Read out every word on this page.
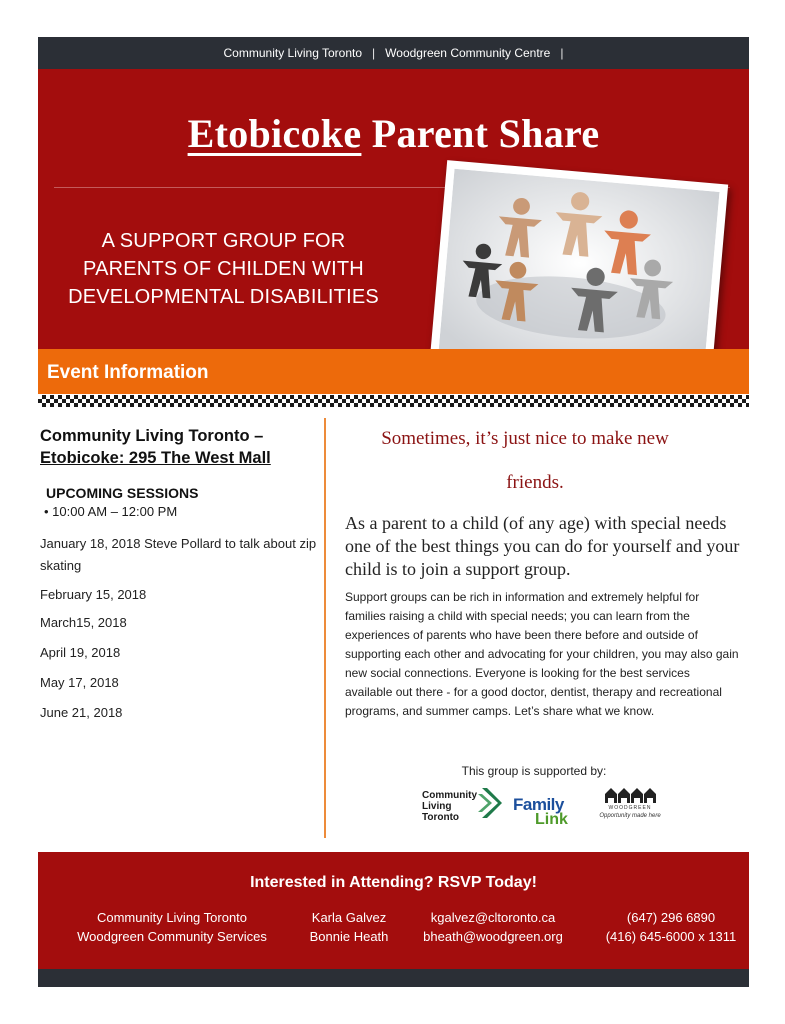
Community Living Toronto | Woodgreen Community Centre |
Etobicoke Parent Share
A SUPPORT GROUP FOR
PARENTS OF CHILDEN WITH
DEVELOPMENTAL DISABILITIES
Event Information
Community Living Toronto –
Etobicoke: 295 The West Mall
UPCOMING SESSIONS
• 10:00 AM – 12:00 PM
January 18, 2018 Steve Pollard to talk about zip skating
February 15, 2018
March15, 2018
April 19, 2018
May 17, 2018
June 21, 2018
Sometimes, it’s just nice to make new
friends.
As a parent to a child (of any age) with special needs one of the best things you can do for yourself and your child is to join a support group.
Support groups can be rich in information and extremely helpful for families raising a child with special needs; you can learn from the experiences of parents who have been there before and outside of supporting each other and advocating for your children, you may also gain new social connections. Everyone is looking for the best services available out there - for a good doctor, dentist, therapy and recreational programs, and summer camps. Let’s share what we know.
This group is supported by:
Community
Living
Toronto
Family
Link
WOODGREEN
Opportunity made here
Interested in Attending? RSVP Today!
Community Living Toronto
Woodgreen Community Services
Karla Galvez
Bonnie Heath
kgalvez@cltoronto.ca
bheath@woodgreen.org
(647) 296 6890
(416) 645-6000 x 1311
